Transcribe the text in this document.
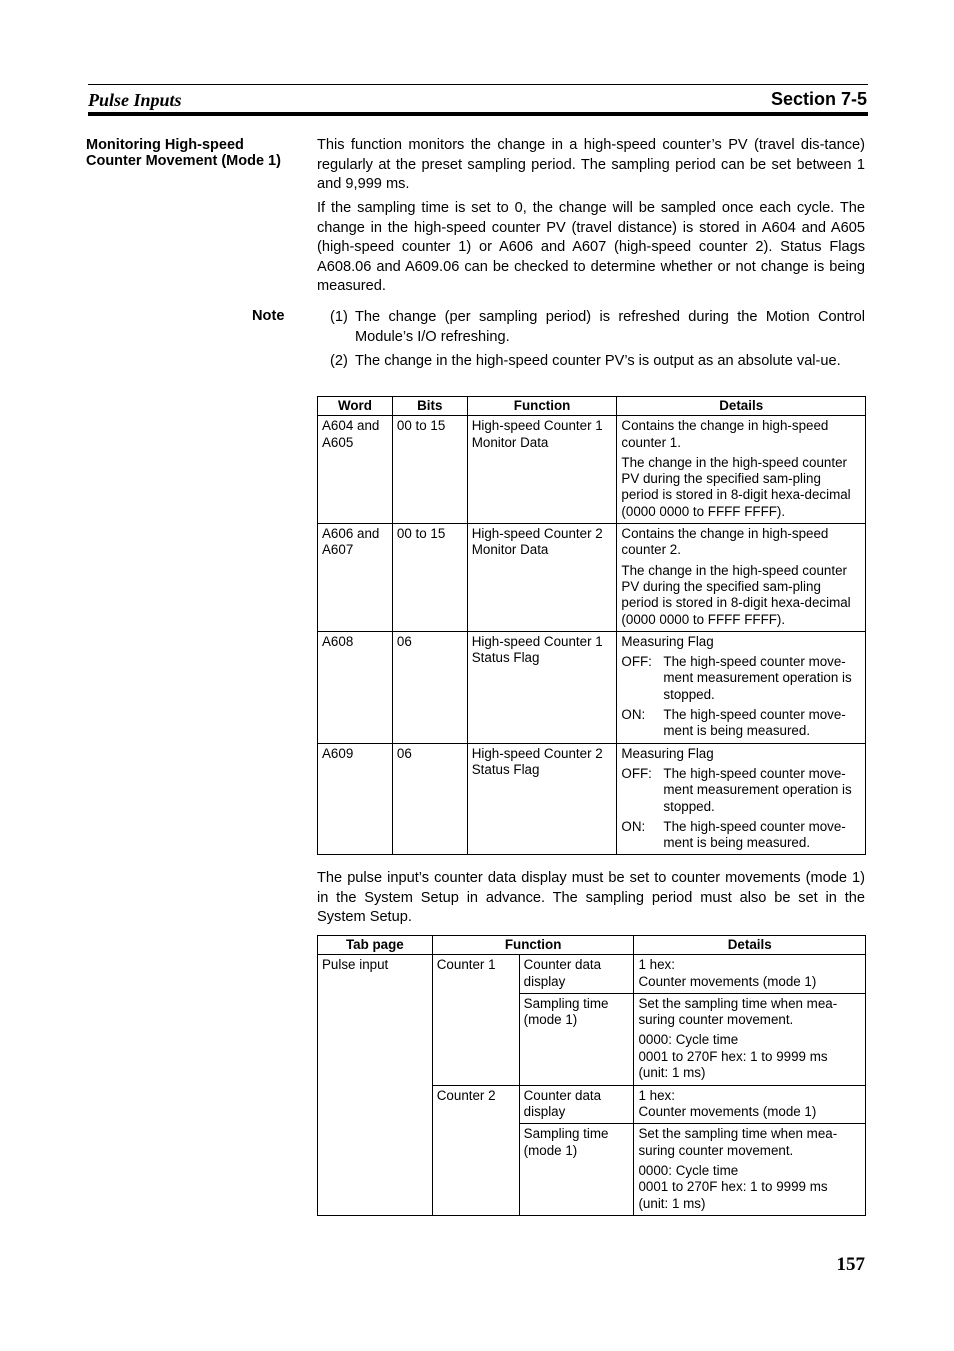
Pulse Inputs	Section 7-5
Monitoring High-speed Counter Movement (Mode 1)

This function monitors the change in a high-speed counter’s PV (travel dis-tance) regularly at the preset sampling period. The sampling period can be set between 1 and 9,999 ms.

If the sampling time is set to 0, the change will be sampled once each cycle. The change in the high-speed counter PV (travel distance) is stored in A604 and A605 (high-speed counter 1) or A606 and A607 (high-speed counter 2). Status Flags A608.06 and A609.06 can be checked to determine whether or not change is being measured.

Note	(1) The change (per sampling period) is refreshed during the Motion Control Module’s I/O refreshing.
(2) The change in the high-speed counter PV’s is output as an absolute val-ue.
Word	Bits	Function	Details
A604 and A605	00 to 15	High-speed Counter 1 Monitor Data	Contains the change in high-speed counter 1.

The change in the high-speed counter PV during the specified sam-pling period is stored in 8-digit hexa-decimal (0000 0000 to FFFF FFFF).

A606 and A607	00 to 15	High-speed Counter 2 Monitor Data	Contains the change in high-speed counter 2.

The change in the high-speed counter PV during the specified sam-pling period is stored in 8-digit hexa-decimal (0000 0000 to FFFF FFFF).

A608	06	High-speed Counter 1 Status Flag	Measuring Flag

OFF: The high-speed counter move-ment measurement operation is stopped.

ON: The high-speed counter move-ment is being measured.

A609	06	High-speed Counter 2 Status Flag	Measuring Flag

OFF: The high-speed counter move-ment measurement operation is stopped.

ON: The high-speed counter move-ment is being measured.

The pulse input’s counter data display must be set to counter movements (mode 1) in the System Setup in advance. The sampling period must also be set in the System Setup.

Tab page	Function		Details
Pulse input	Counter 1	Counter data display	1 hex:
Counter movements (mode 1)
		Sampling time (mode 1)	Set the sampling time when mea-suring counter movement.

0000: Cycle time
0001 to 270F hex: 1 to 9999 ms
(unit: 1 ms)

	Counter 2	Counter data display	1 hex:
Counter movements (mode 1)
		Sampling time (mode 1)	Set the sampling time when mea-suring counter movement.

0000: Cycle time
0001 to 270F hex: 1 to 9999 ms
(unit: 1 ms)

157
